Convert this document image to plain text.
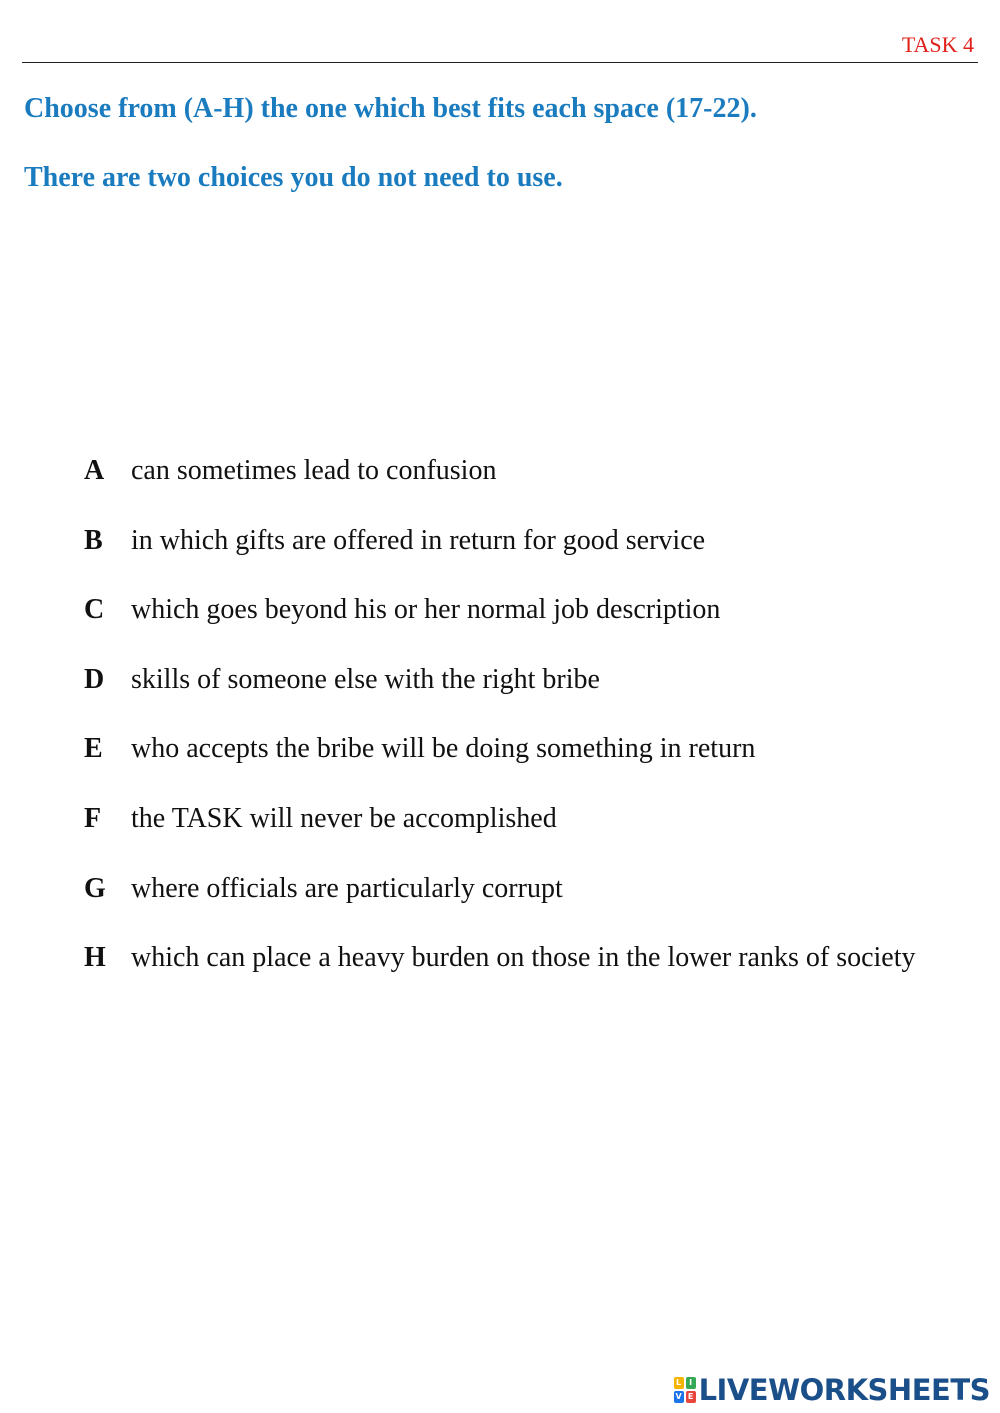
TASK 4
Choose from (A-H) the one which best fits each space (17-22).
There are two choices you do not need to use.
A can sometimes lead to confusion
B	in which gifts are offered in return for good service
C which goes beyond his or her normal job description
D skills of someone else with the right bribe
E	who accepts the bribe will be doing something in return
F	the TASK will never be accomplished
G where officials are particularly corrupt
H which can place a heavy burden on those in the lower ranks of society
L I
V E LIVEWORKSHEETS
